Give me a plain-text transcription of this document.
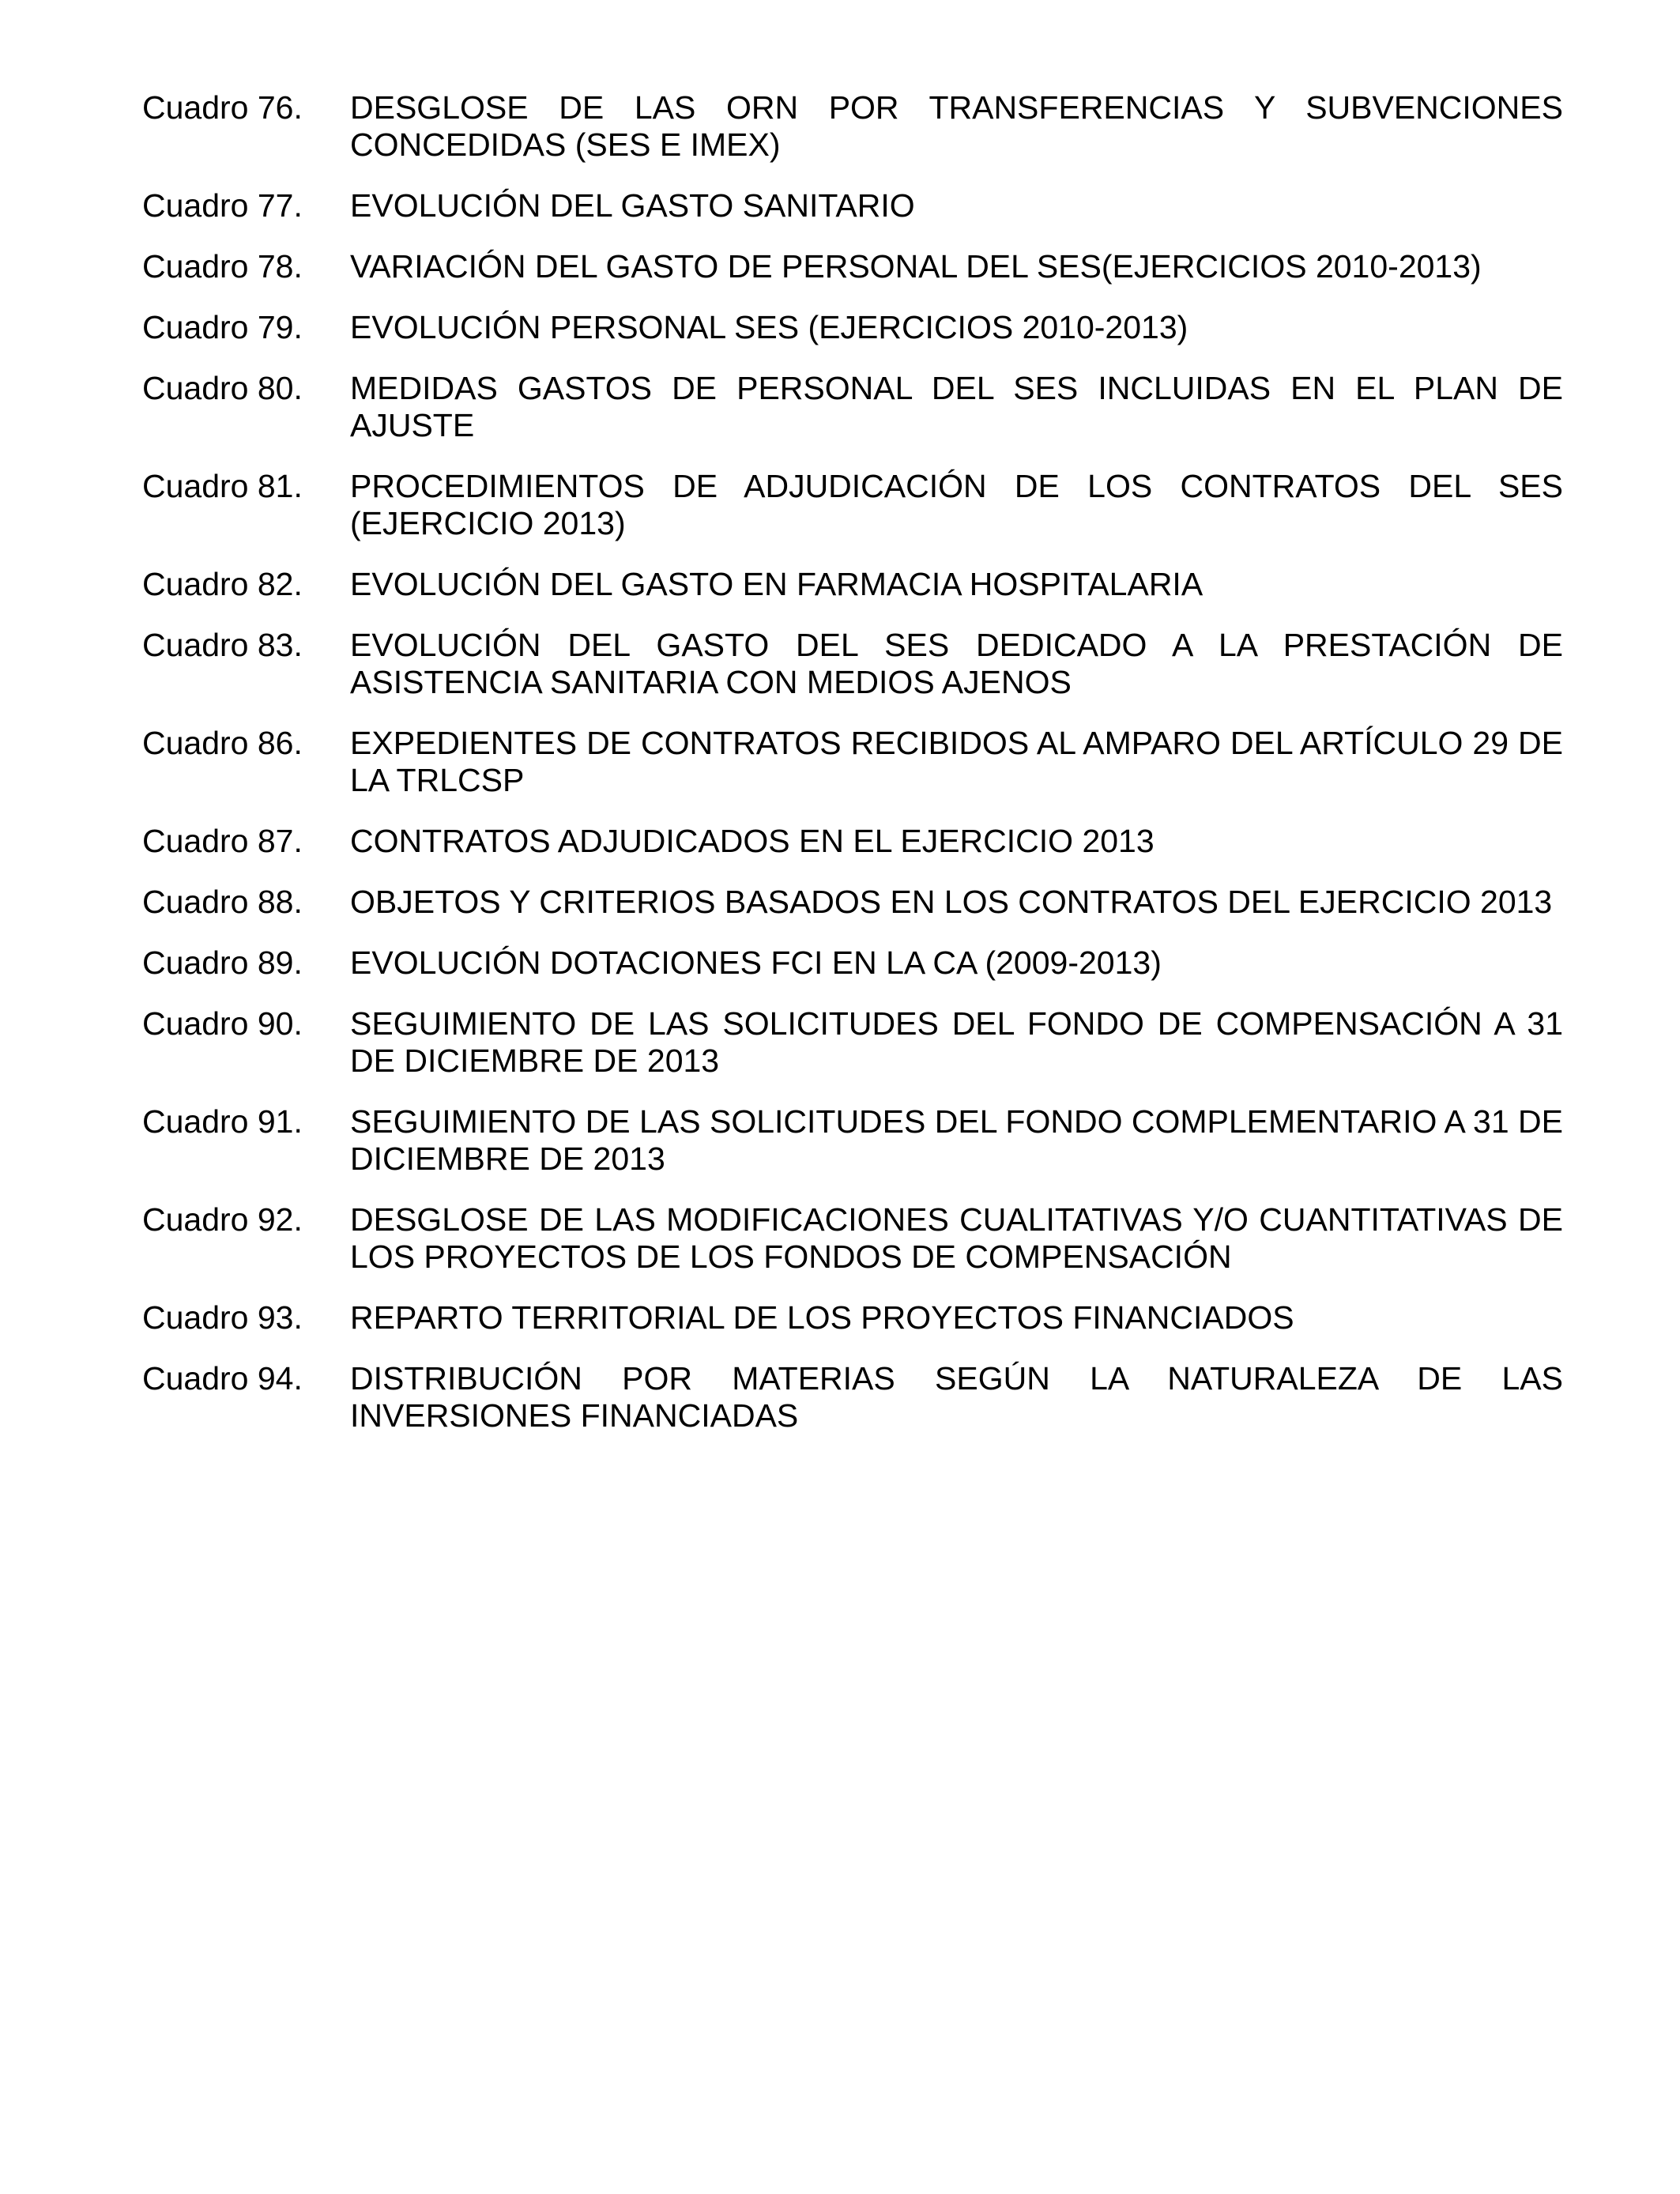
Cuadro 76.	DESGLOSE DE LAS ORN POR TRANSFERENCIAS Y SUBVENCIONES CONCEDIDAS (SES E IMEX)
Cuadro 77.	EVOLUCIÓN DEL GASTO SANITARIO
Cuadro 78.	VARIACIÓN DEL GASTO DE PERSONAL DEL SES(EJERCICIOS 2010-2013)
Cuadro 79.	EVOLUCIÓN PERSONAL SES (EJERCICIOS 2010-2013)
Cuadro 80.	MEDIDAS GASTOS DE PERSONAL DEL SES INCLUIDAS EN EL PLAN DE AJUSTE
Cuadro 81.	PROCEDIMIENTOS DE ADJUDICACIÓN DE LOS CONTRATOS DEL SES (EJERCICIO 2013)
Cuadro 82.	EVOLUCIÓN DEL GASTO EN FARMACIA HOSPITALARIA
Cuadro 83.	EVOLUCIÓN DEL GASTO DEL SES DEDICADO A LA PRESTACIÓN DE ASISTENCIA SANITARIA CON MEDIOS AJENOS
Cuadro 86.	EXPEDIENTES DE CONTRATOS RECIBIDOS AL AMPARO DEL ARTÍCULO 29 DE LA TRLCSP
Cuadro 87.	CONTRATOS ADJUDICADOS EN EL EJERCICIO 2013
Cuadro 88.	OBJETOS Y CRITERIOS BASADOS EN LOS CONTRATOS DEL EJERCICIO 2013
Cuadro 89.	EVOLUCIÓN DOTACIONES FCI EN LA CA (2009-2013)
Cuadro 90.	SEGUIMIENTO DE LAS SOLICITUDES DEL FONDO DE COMPENSACIÓN A 31 DE DICIEMBRE DE 2013
Cuadro 91.	SEGUIMIENTO DE LAS SOLICITUDES DEL FONDO COMPLEMENTARIO A 31 DE DICIEMBRE DE 2013
Cuadro 92.	DESGLOSE DE LAS MODIFICACIONES CUALITATIVAS Y/O CUANTITATIVAS DE LOS PROYECTOS DE LOS FONDOS DE COMPENSACIÓN
Cuadro 93.	REPARTO TERRITORIAL DE LOS PROYECTOS FINANCIADOS
Cuadro 94.	DISTRIBUCIÓN POR MATERIAS SEGÚN LA NATURALEZA DE LAS INVERSIONES FINANCIADAS
